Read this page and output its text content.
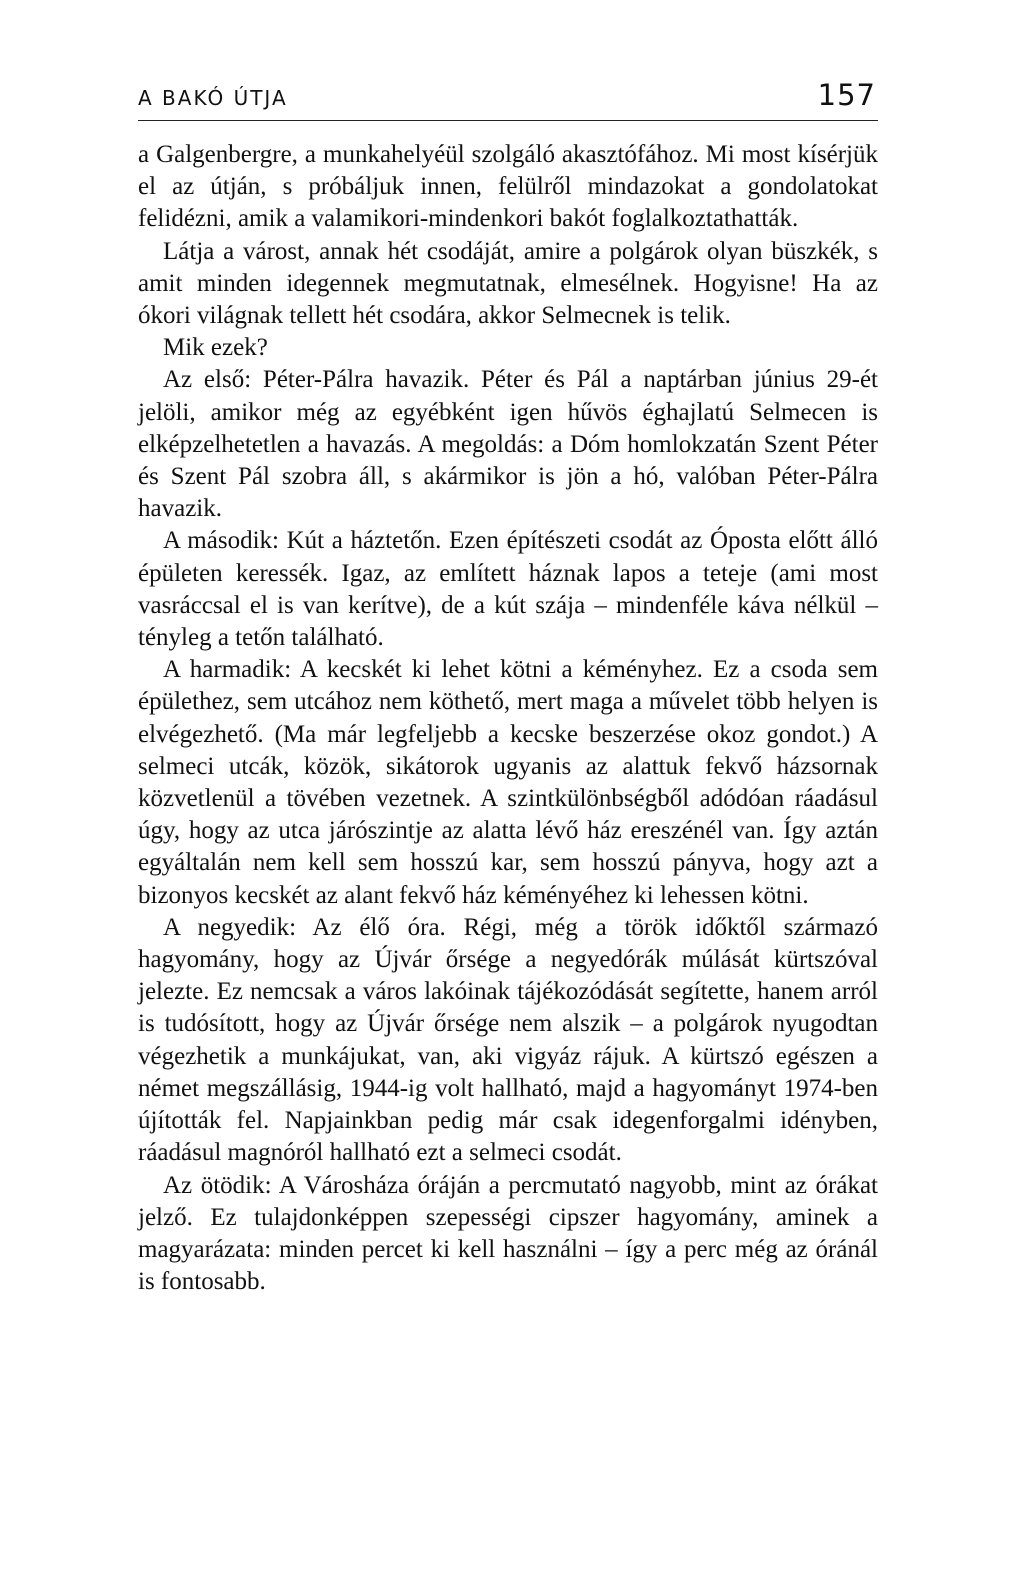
A BAKÓ ÚTJA	157

a Galgenbergre, a munkahelyéül szolgáló akasztófához. Mi most kísérjük el az útján, s próbáljuk innen, felülről mindazokat a gondolatokat felidézni, amik a valamikori-mindenkori bakót foglalkoztathatták.

Látja a várost, annak hét csodáját, amire a polgárok olyan büszkék, s amit minden idegennek megmutatnak, elmesélnek. Hogyisne! Ha az ókori világnak tellett hét csodára, akkor Selmecnek is telik.

Mik ezek?

Az első: Péter-Pálra havazik. Péter és Pál a naptárban június 29-ét jelöli, amikor még az egyébként igen hűvös éghajlatú Selmecen is elképzelhetetlen a havazás. A megoldás: a Dóm homlokzatán Szent Péter és Szent Pál szobra áll, s akármikor is jön a hó, valóban Péter-Pálra havazik.

A második: Kút a háztetőn. Ezen építészeti csodát az Óposta előtt álló épületen keressék. Igaz, az említett háznak lapos a teteje (ami most vasráccsal el is van kerítve), de a kút szája – mindenféle káva nélkül – tényleg a tetőn található.

A harmadik: A kecskét ki lehet kötni a kéményhez. Ez a csoda sem épülethez, sem utcához nem köthető, mert maga a művelet több helyen is elvégezhető. (Ma már legfeljebb a kecske beszerzése okoz gondot.) A selmeci utcák, közök, sikátorok ugyanis az alattuk fekvő házsornak közvetlenül a tövében vezetnek. A szintkülönbségből adódóan ráadásul úgy, hogy az utca járószintje az alatta lévő ház ereszénél van. Így aztán egyáltalán nem kell sem hosszú kar, sem hosszú pányva, hogy azt a bizonyos kecskét az alant fekvő ház kéményéhez ki lehessen kötni.

A negyedik: Az élő óra. Régi, még a török időktől származó hagyomány, hogy az Újvár őrsége a negyedórák múlását kürtszóval jelezte. Ez nemcsak a város lakóinak tájékozódását segítette, hanem arról is tudósított, hogy az Újvár őrsége nem alszik – a polgárok nyugodtan végezhetik a munkájukat, van, aki vigyáz rájuk. A kürtszó egészen a német megszállásig, 1944-ig volt hallható, majd a hagyományt 1974-ben újították fel. Napjainkban pedig már csak idegenforgalmi idényben, ráadásul magnóról hallható ezt a selmeci csodát.

Az ötödik: A Városháza óráján a percmutató nagyobb, mint az órákat jelző. Ez tulajdonképpen szepességi cipszer hagyomány, aminek a magyarázata: minden percet ki kell használni – így a perc még az óránál is fontosabb.
